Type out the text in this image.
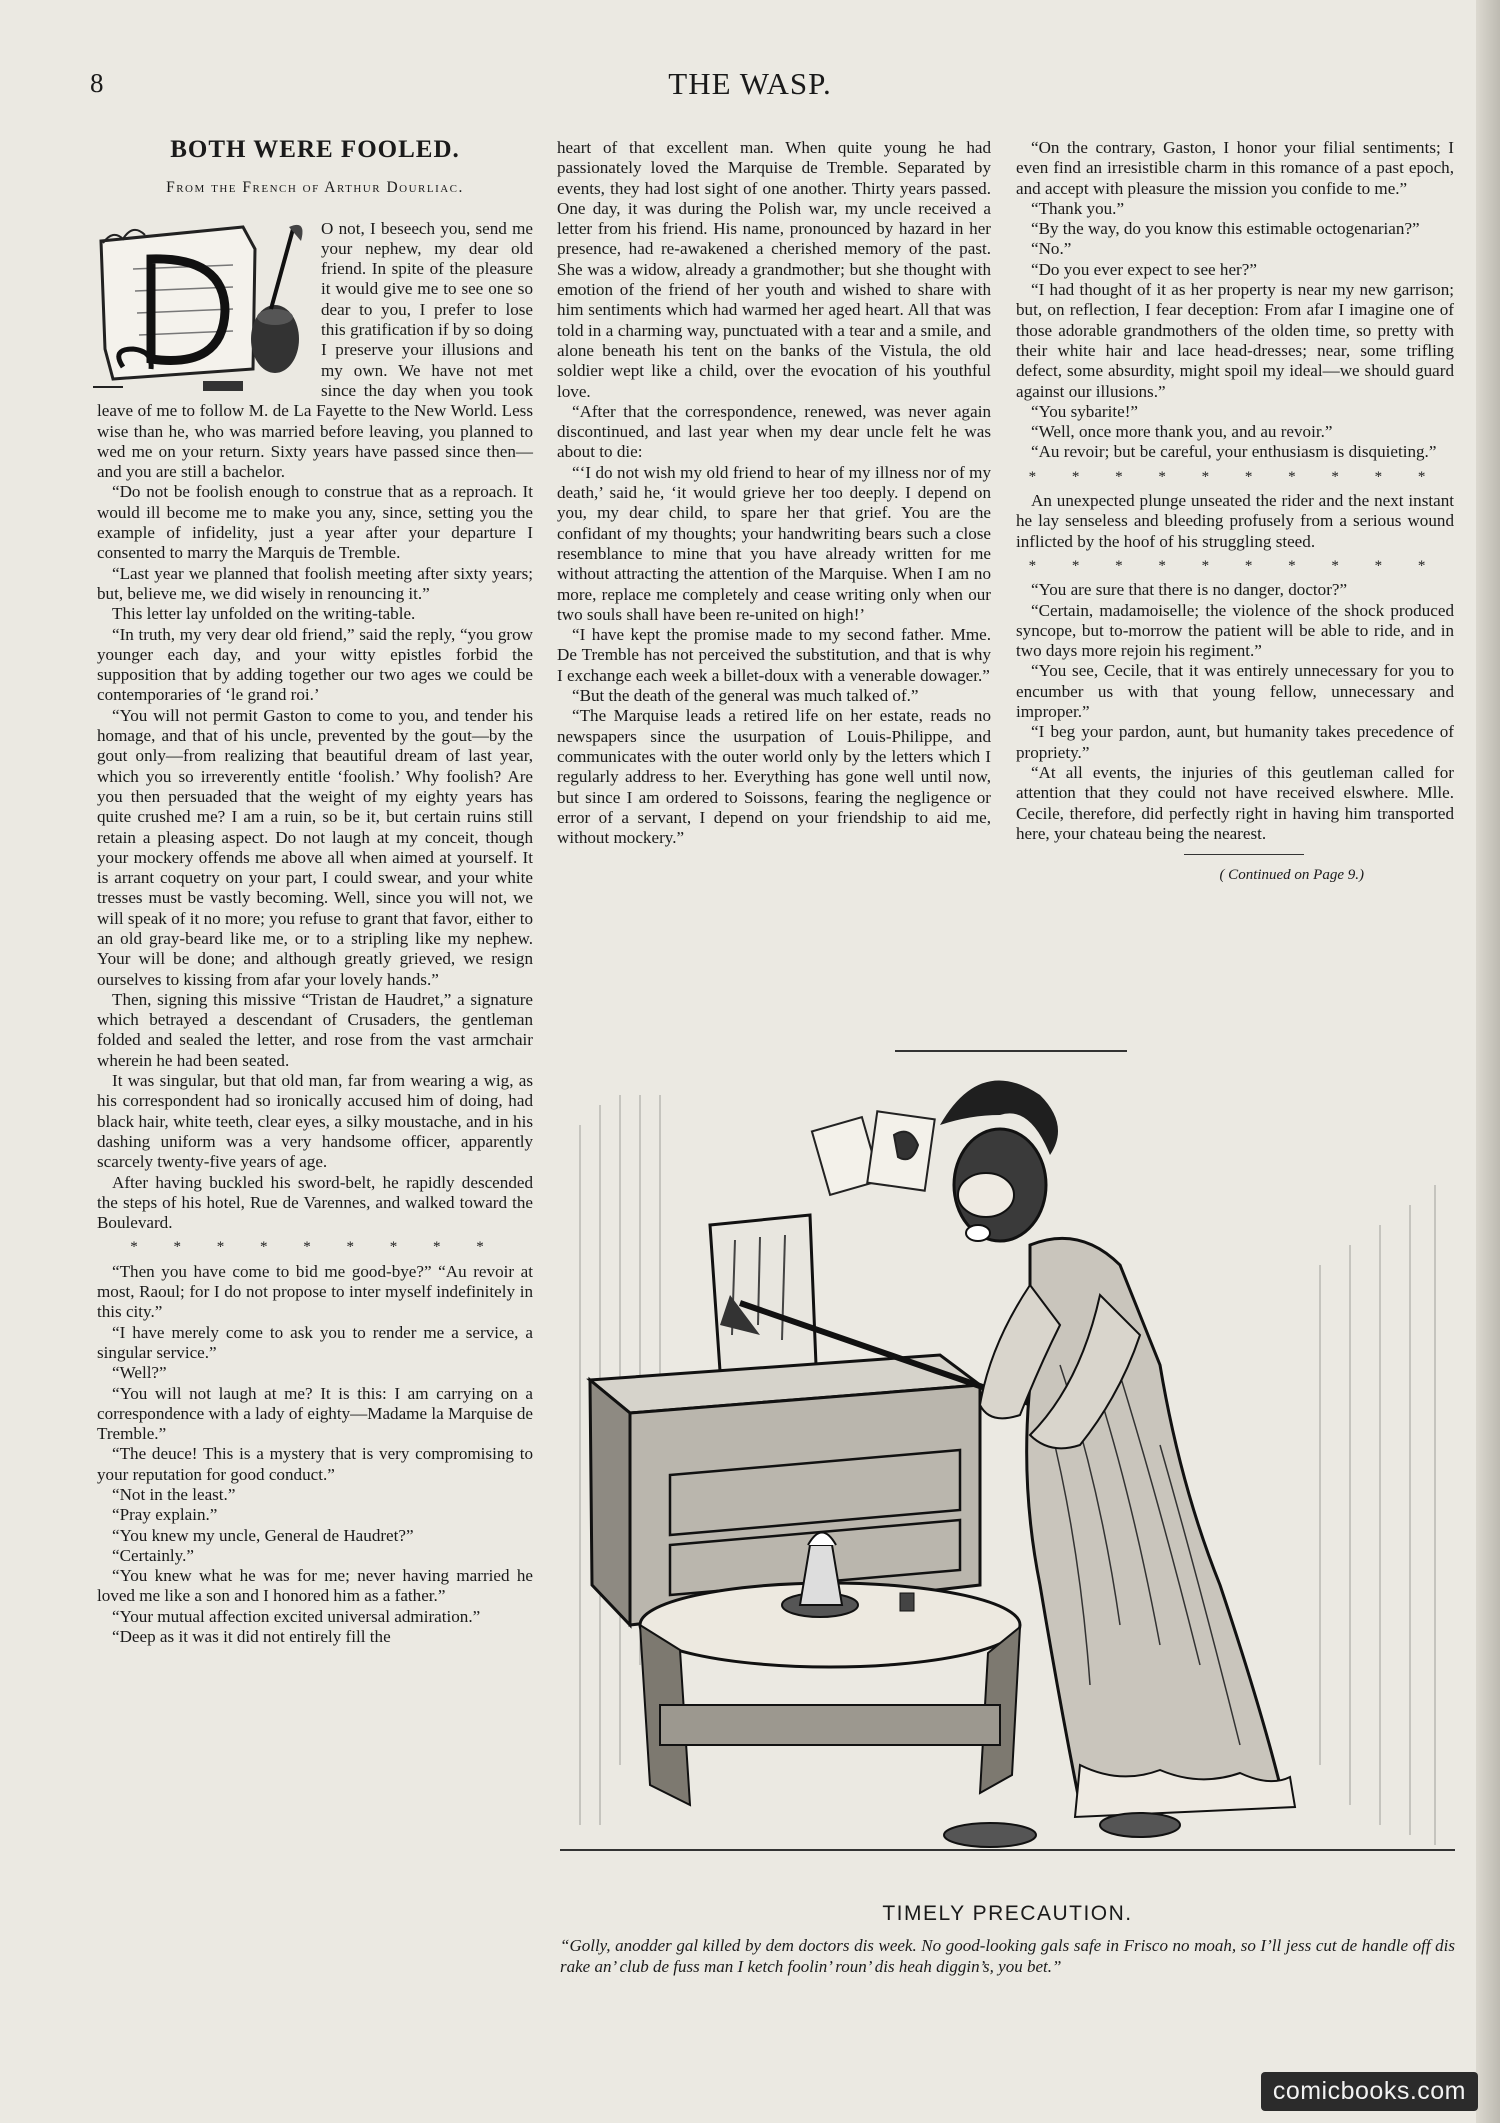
8	THE WASP.
BOTH WERE FOOLED.
From the French of Arthur Dourliac.

O not, I beseech you, send me your nephew, my dear old friend. In spite of the pleasure it would give me to see one so dear to you, I prefer to lose this gratification if by so doing I preserve your illusions and my own. We have not met since the day when you took leave of me to follow M. de La Fayette to the New World. Less wise than he, who was married before leaving, you planned to wed me on your return. Sixty years have passed since then—and you are still a bachelor.

“Do not be foolish enough to construe that as a reproach. It would ill become me to make you any, since, setting you the example of infidelity, just a year after your departure I consented to marry the Marquis de Tremble.

“Last year we planned that foolish meeting after sixty years; but, believe me, we did wisely in renouncing it.”

This letter lay unfolded on the writing-table.

“In truth, my very dear old friend,” said the reply, “you grow younger each day, and your witty epistles forbid the supposition that by adding together our two ages we could be contemporaries of ‘le grand roi.’

“You will not permit Gaston to come to you, and tender his homage, and that of his uncle, prevented by the gout—by the gout only—from realizing that beautiful dream of last year, which you so irreverently entitle ‘foolish.’ Why foolish? Are you then persuaded that the weight of my eighty years has quite crushed me? I am a ruin, so be it, but certain ruins still retain a pleasing aspect. Do not laugh at my conceit, though your mockery offends me above all when aimed at yourself. It is arrant coquetry on your part, I could swear, and your white tresses must be vastly becoming. Well, since you will not, we will speak of it no more; you refuse to grant that favor, either to an old gray-beard like me, or to a stripling like my nephew. Your will be done; and although greatly grieved, we resign ourselves to kissing from afar your lovely hands.”

Then, signing this missive “Tristan de Haudret,” a signature which betrayed a descendant of Crusaders, the gentleman folded and sealed the letter, and rose from the vast armchair wherein he had been seated.

It was singular, but that old man, far from wearing a wig, as his correspondent had so ironically accused him of doing, had black hair, white teeth, clear eyes, a silky moustache, and in his dashing uniform was a very handsome officer, apparently scarcely twenty-five years of age.

After having buckled his sword-belt, he rapidly descended the steps of his hotel, Rue de Varennes, and walked toward the Boulevard.

* * * * * * * * *

“Then you have come to bid me good-bye?” “Au revoir at most, Raoul; for I do not propose to inter myself indefinitely in this city.”

“I have merely come to ask you to render me a service, a singular service.”

“Well?”

“You will not laugh at me? It is this: I am carrying on a correspondence with a lady of eighty—Madame la Marquise de Tremble.”

“The deuce! This is a mystery that is very compromising to your reputation for good conduct.”

“Not in the least.”

“Pray explain.”

“You knew my uncle, General de Haudret?”

“Certainly.”

“You knew what he was for me; never having married he loved me like a son and I honored him as a father.”

“Your mutual affection excited universal admiration.”

“Deep as it was it did not entirely fill the

heart of that excellent man. When quite young he had passionately loved the Marquise de Tremble. Separated by events, they had lost sight of one another. Thirty years passed. One day, it was during the Polish war, my uncle received a letter from his friend. His name, pronounced by hazard in her presence, had re-awakened a cherished memory of the past. She was a widow, already a grandmother; but she thought with emotion of the friend of her youth and wished to share with him sentiments which had warmed her aged heart. All that was told in a charming way, punctuated with a tear and a smile, and alone beneath his tent on the banks of the Vistula, the old soldier wept like a child, over the evocation of his youthful love.

“After that the correspondence, renewed, was never again discontinued, and last year when my dear uncle felt he was about to die:

“‘I do not wish my old friend to hear of my illness nor of my death,’ said he, ‘it would grieve her too deeply. I depend on you, my dear child, to spare her that grief. You are the confidant of my thoughts; your handwriting bears such a close resemblance to mine that you have already written for me without attracting the attention of the Marquise. When I am no more, replace me completely and cease writing only when our two souls shall have been re-united on high!’

“I have kept the promise made to my second father. Mme. De Tremble has not perceived the substitution, and that is why I exchange each week a billet-doux with a venerable dowager.”

“But the death of the general was much talked of.”

“The Marquise leads a retired life on her estate, reads no newspapers since the usurpation of Louis-Philippe, and communicates with the outer world only by the letters which I regularly address to her. Everything has gone well until now, but since I am ordered to Soissons, fearing the negligence or error of a servant, I depend on your friendship to aid me, without mockery.”

“On the contrary, Gaston, I honor your filial sentiments; I even find an irresistible charm in this romance of a past epoch, and accept with pleasure the mission you confide to me.”

“Thank you.”

“By the way, do you know this estimable octogenarian?”

“No.”

“Do you ever expect to see her?”

“I had thought of it as her property is near my new garrison; but, on reflection, I fear deception: From afar I imagine one of those adorable grandmothers of the olden time, so pretty with their white hair and lace head-dresses; near, some trifling defect, some absurdity, might spoil my ideal—we should guard against our illusions.”

“You sybarite!”

“Well, once more thank you, and au revoir.”

“Au revoir; but be careful, your enthusiasm is disquieting.”

* * * * * * * * * *

An unexpected plunge unseated the rider and the next instant he lay senseless and bleeding profusely from a serious wound inflicted by the hoof of his struggling steed.

* * * * * * * * * *

“You are sure that there is no danger, doctor?”

“Certain, madamoiselle; the violence of the shock produced syncope, but to-morrow the patient will be able to ride, and in two days more rejoin his regiment.”

“You see, Cecile, that it was entirely unnecessary for you to encumber us with that young fellow, unnecessary and improper.”

“I beg your pardon, aunt, but humanity takes precedence of propriety.”

“At all events, the injuries of this geutleman called for attention that they could not have received elswhere. Mlle. Cecile, therefore, did perfectly right in having him transported here, your chateau being the nearest.

( Continued on Page 9.)
TIMELY PRECAUTION.
“Golly, anodder gal killed by dem doctors dis week. No good-looking gals safe in Frisco no moah, so I’ll jess cut de handle off dis rake an’ club de fuss man I ketch foolin’ roun’ dis heah diggin’s, you bet.”
comicbooks.com
